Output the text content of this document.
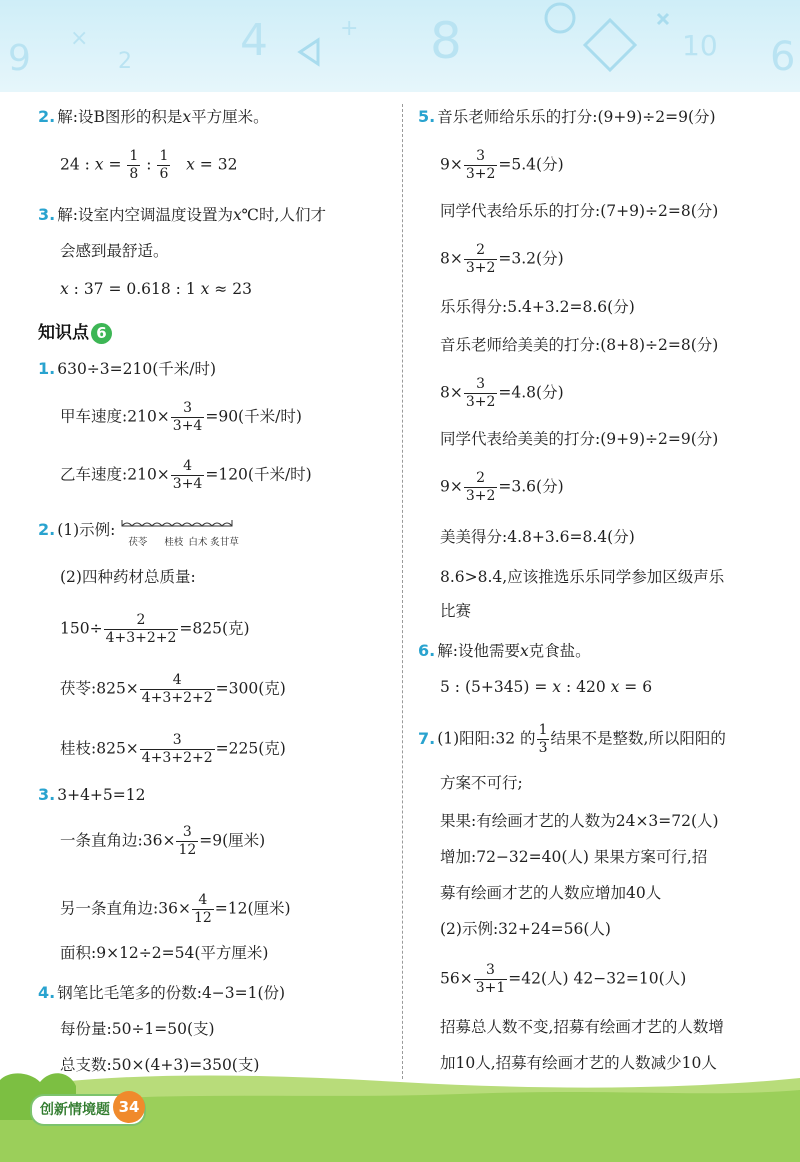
9 ×
2 4	+ 8	10 6
2. 解:设B图形的积是𝑥平方厘米。
24 : 𝑥 = $\frac{1}{8}$ : $\frac{1}{6}$ 𝑥 = 32
3. 解:设室内空调温度设置为𝑥℃时,人们才
会感到最舒适。
𝑥 : 37 = 0.618 : 1 𝑥 ≈ 23
知识点 6
1. 630÷3=210(千米/时)
甲车速度:210× $\frac{3}{3+4} =90$(千米/时)
乙车速度:210× $\frac{4}{3+4} =120$(千米/时)
2. (1)示例:
茯苓 桂枝 白术 炙甘草
(2)四种药材总质量:
$150\div \frac{2}{4+3+2+2} =825$(克)
茯苓:825× $\frac{4}{4+3+2+2} =300$(克)
桂枝:825× $\frac{3}{4+3+2+2} =225$(克)
3. 3+4+5=12
一条直角边:36× $\frac{3}{12} =9$(厘米)
另一条直角边:36× $\frac{4}{12} =12$(厘米)
面积:9×12÷2=54(平方厘米)
4. 钢笔比毛笔多的份数:4−3=1(份)
每份量:50÷1=50(支)
总支数:50×(4+3)=350(支)
5. 音乐老师给乐乐的打分:(9+9)÷2=9(分)
$9\times \frac{3}{3+2} =5.4$(分)
同学代表给乐乐的打分:(7+9)÷2=8(分)
$8\times \frac{2}{3+2} =3.2$(分)
乐乐得分:5.4+3.2=8.6(分)
音乐老师给美美的打分:(8+8)÷2=8(分)
$8\times \frac{3}{3+2} =4.8$(分)
同学代表给美美的打分:(9+9)÷2=9(分)
$9\times \frac{2}{3+2} =3.6$(分)
美美得分:4.8+3.6=8.4(分)
8.6>8.4,应该推选乐乐同学参加区级声乐
比赛
6. 解:设他需要𝑥克食盐。
5 : (5+345) = 𝑥 : 420 𝑥 = 6
7. (1)阳阳:32 的 $\frac{1}{3}$ 结果不是整数,所以阳阳的
方案不可行;
果果:有绘画才艺的人数为24×3=72(人)
增加:72−32=40(人) 果果方案可行,招
募有绘画才艺的人数应增加40人
(2)示例:32+24=56(人)
$56\times \frac{3}{3+1} =42$(人) 42−32=10(人)
招募总人数不变,招募有绘画才艺的人数增
加10人,招募有绘画才艺的人数减少10人
创新情境题 34
